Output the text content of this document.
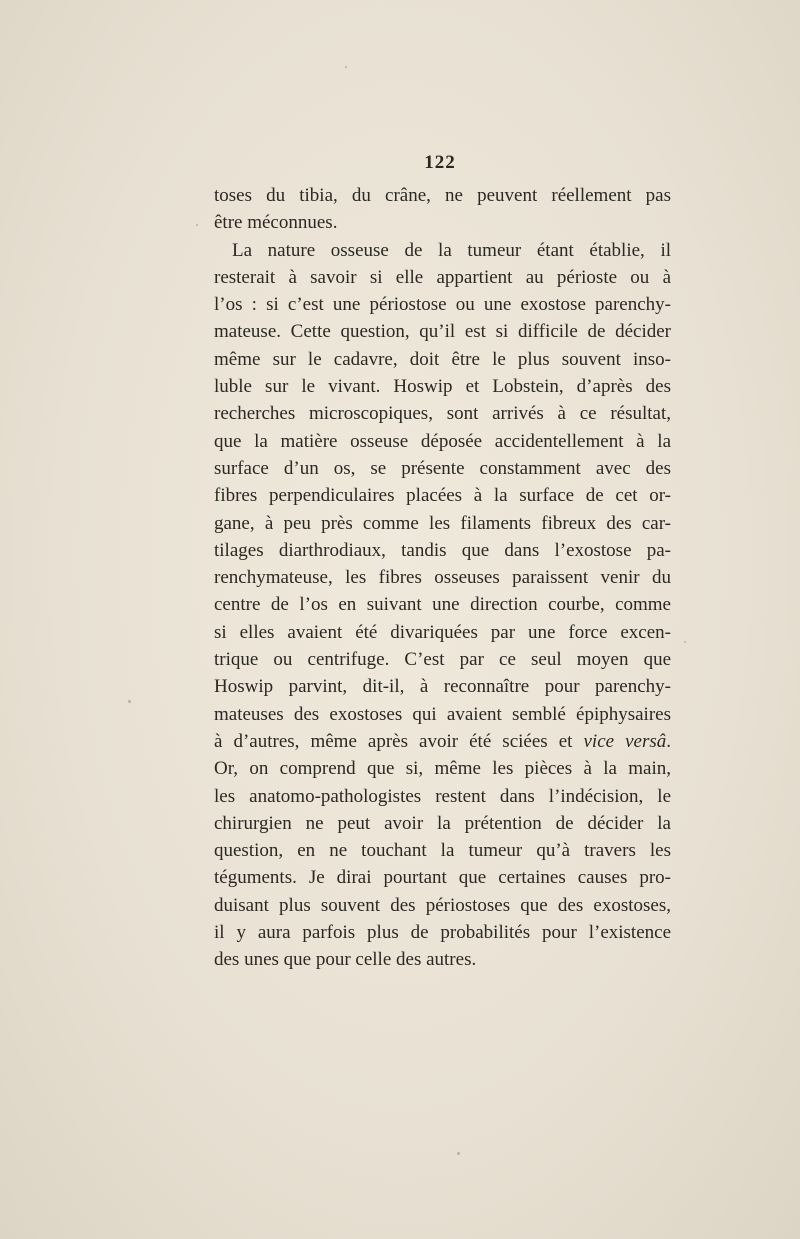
122
toses du tibia, du crâne, ne peuvent réellement pas
être méconnues.
La nature osseuse de la tumeur étant établie, il
resterait à savoir si elle appartient au périoste ou à
l’os : si c’est une périostose ou une exostose parenchy-
mateuse. Cette question, qu’il est si difficile de décider
même sur le cadavre, doit être le plus souvent inso-
luble sur le vivant. Hoswip et Lobstein, d’après des
recherches microscopiques, sont arrivés à ce résultat,
que la matière osseuse déposée accidentellement à la
surface d’un os, se présente constamment avec des
fibres perpendiculaires placées à la surface de cet or-
gane, à peu près comme les filaments fibreux des car-
tilages diarthrodiaux, tandis que dans l’exostose pa-
renchymateuse, les fibres osseuses paraissent venir du
centre de l’os en suivant une direction courbe, comme
si elles avaient été divariquées par une force excen-
trique ou centrifuge. C’est par ce seul moyen que
Hoswip parvint, dit-il, à reconnaître pour parenchy-
mateuses des exostoses qui avaient semblé épiphysaires
à d’autres, même après avoir été sciées et vice versâ.
Or, on comprend que si, même les pièces à la main,
les anatomo-pathologistes restent dans l’indécision, le
chirurgien ne peut avoir la prétention de décider la
question, en ne touchant la tumeur qu’à travers les
téguments. Je dirai pourtant que certaines causes pro-
duisant plus souvent des périostoses que des exostoses,
il y aura parfois plus de probabilités pour l’existence
des unes que pour celle des autres.
